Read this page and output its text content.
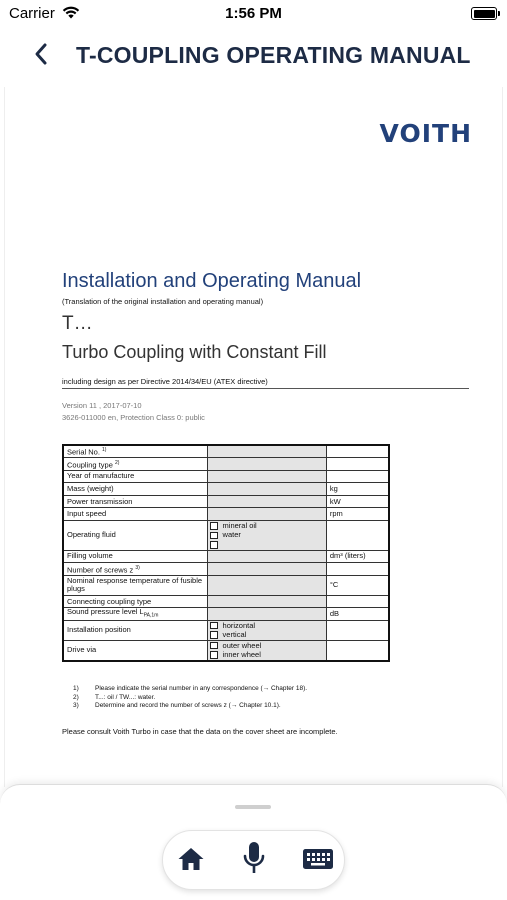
Carrier	1:56 PM
T-COUPLING OPERATING MANUAL
VOITH
Installation and Operating Manual
(Translation of the original installation and operating manual)
T…
Turbo Coupling with Constant Fill
including design as per Directive 2014/34/EU (ATEX directive)
Version 11 , 2017-07-10
3626-011000 en, Protection Class 0: public
Serial No. $^{1)}$		
Coupling type $^{2)}$		
Year of manufacture		
Mass (weight)		kg
Power transmission		kW
Input speed		rpm
Operating fluid	mineral oil
water	

Filling volume		dm³ (liters)
Number of screws z $^{3)}$		
Nominal response temperature of fusible plugs		°C
Connecting coupling type		
Sound pressure level $L_{PA,1m}$		dB
Installation position	horizontal
vertical	

Drive via	outer wheel
inner wheel	

1)	Please indicate the serial number in any correspondence (→ Chapter 18).
2)	T...: oil / TW...: water.
3)	Determine and record the number of screws z (→ Chapter 10.1).
Please consult Voith Turbo in case that the data on the cover sheet are incomplete.
